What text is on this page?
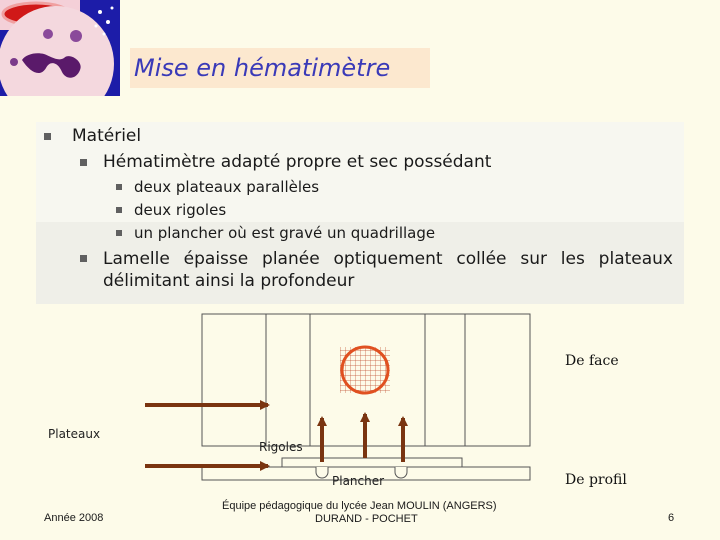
Mise en hématimètre
Matériel
Hématimètre adapté propre et sec possédant
deux plateaux parallèles
deux rigoles
un plancher où est gravé un quadrillage
Lamelle épaisse planée optiquement collée sur les plateaux
délimitant ainsi la profondeur
De face
De profil
Plateaux
Rigoles
Plancher
Année 2008
Équipe pédagogique du lycée Jean MOULIN (ANGERS)
DURAND - POCHET	6
